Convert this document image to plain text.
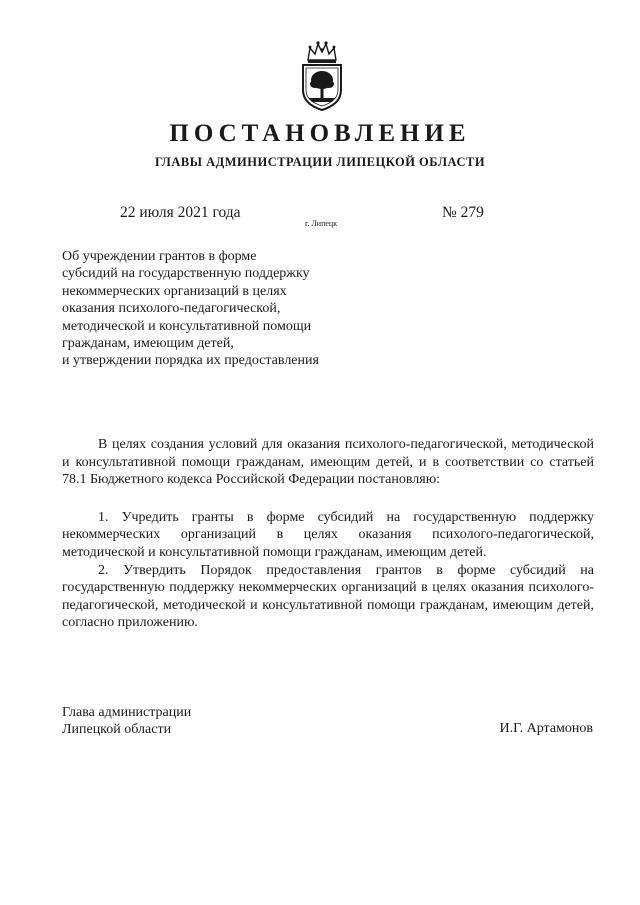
ПОСТАНОВЛЕНИЕ
ГЛАВЫ АДМИНИСТРАЦИИ ЛИПЕЦКОЙ ОБЛАСТИ
22 июля 2021 года
г. Липецк
№ 279
Об учреждении грантов в форме
субсидий на государственную поддержку
некоммерческих организаций в целях
оказания психолого-педагогической,
методической и консультативной помощи
гражданам, имеющим детей,
и утверждении порядка их предоставления

В целях создания условий для оказания психолого-педагогической, методической и консультативной помощи гражданам, имеющим детей, и в соответствии со статьей 78.1 Бюджетного кодекса Российской Федерации постановляю:

1. Учредить гранты в форме субсидий на государственную поддержку некоммерческих организаций в целях оказания психолого-педагогической, методической и консультативной помощи гражданам, имеющим детей.

2. Утвердить Порядок предоставления грантов в форме субсидий на государственную поддержку некоммерческих организаций в целях оказания психолого-педагогической, методической и консультативной помощи гражданам, имеющим детей, согласно приложению.

Глава администрации
Липецкой области	И.Г. Артамонов
